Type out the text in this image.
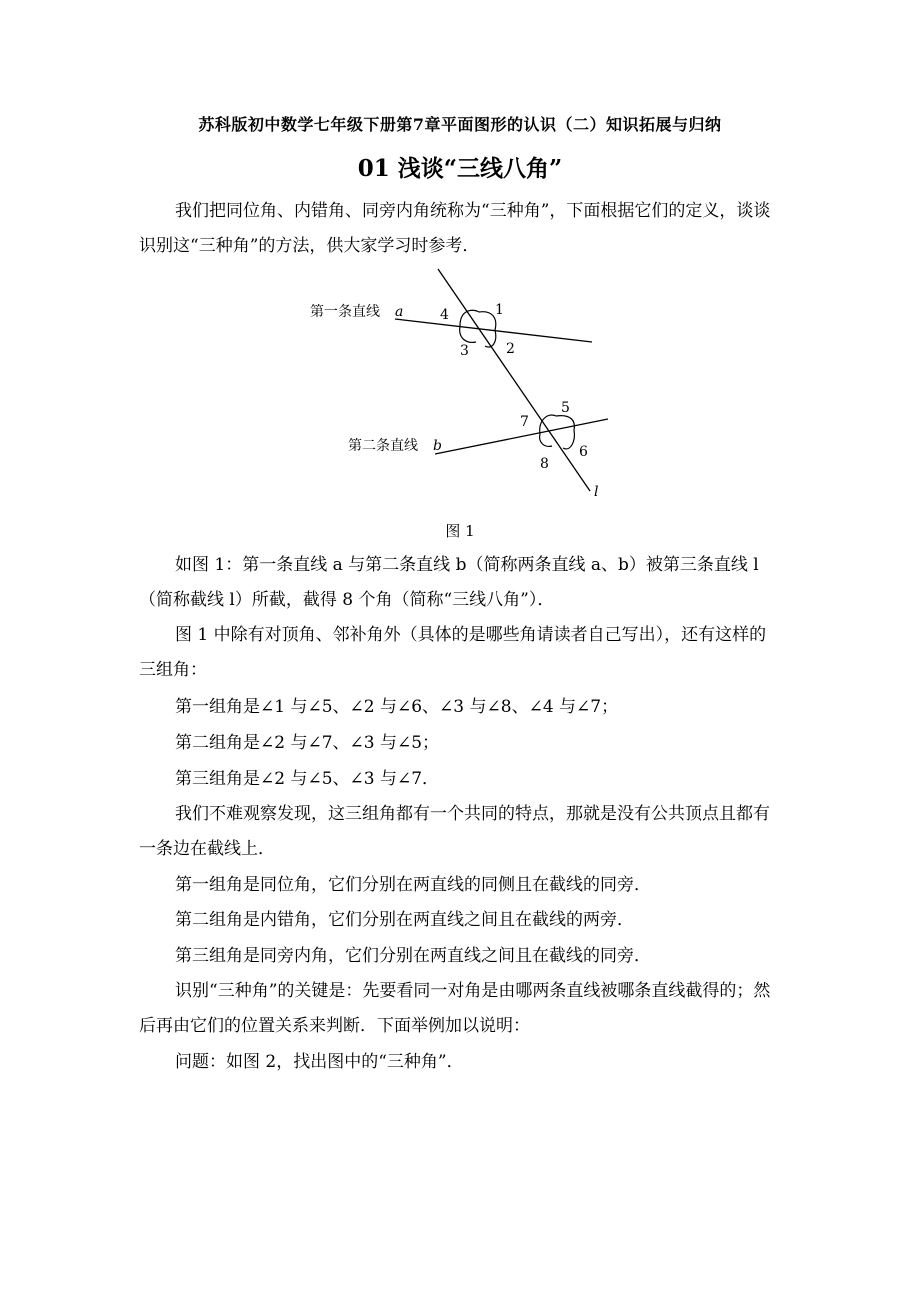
苏科版初中数学七年级下册第7章平面图形的认识（二）知识拓展与归纳
01 浅谈“三线八角”

我们把同位角、内错角、同旁内角统称为“三种角”，下面根据它们的定义，谈谈识别这“三种角”的方法，供大家学习时参考．

第一条直线 a
第二条直线 b
l
1
2
3
4
5
6
7
8
图 1

如图 1：第一条直线 a 与第二条直线 b（简称两条直线 a、b）被第三条直线 l（简称截线 l）所截，截得 8 个角（简称“三线八角”）．

图 1 中除有对顶角、邻补角外（具体的是哪些角请读者自己写出），还有这样的三组角：

第一组角是∠1 与∠5、∠2 与∠6、∠3 与∠8、∠4 与∠7；

第二组角是∠2 与∠7、∠3 与∠5；

第三组角是∠2 与∠5、∠3 与∠7．

我们不难观察发现，这三组角都有一个共同的特点，那就是没有公共顶点且都有一条边在截线上．

第一组角是同位角，它们分别在两直线的同侧且在截线的同旁．

第二组角是内错角，它们分别在两直线之间且在截线的两旁．

第三组角是同旁内角，它们分别在两直线之间且在截线的同旁．

识别“三种角”的关键是：先要看同一对角是由哪两条直线被哪条直线截得的；然后再由它们的位置关系来判断．下面举例加以说明：

问题：如图 2，找出图中的“三种角”．
